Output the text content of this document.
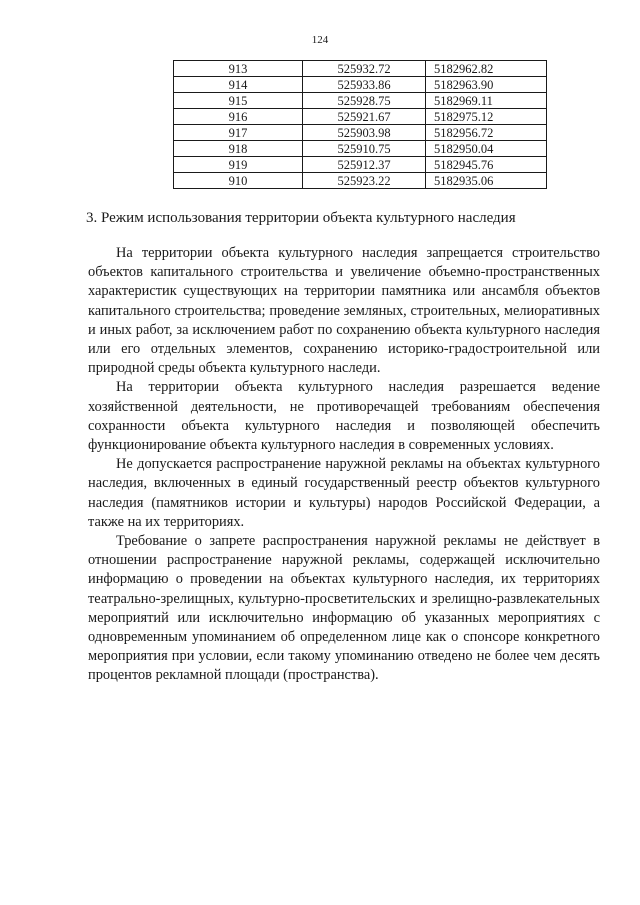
124
913	525932.72	5182962.82
914	525933.86	5182963.90
915	525928.75	5182969.11
916	525921.67	5182975.12
917	525903.98	5182956.72
918	525910.75	5182950.04
919	525912.37	5182945.76
910	525923.22	5182935.06
3. Режим использования территории объекта культурного наследия

На территории объекта культурного наследия запрещается строительство объектов капитального строительства и увеличение объемно-пространственных характеристик существующих на территории памятника или ансамбля объектов капитального строительства; проведение земляных, строительных, мелиоративных и иных работ, за исключением работ по сохранению объекта культурного наследия или его отдельных элементов, сохранению историко-градостроительной или природной среды объекта культурного наследи.

На территории объекта культурного наследия разрешается ведение хозяйственной деятельности, не противоречащей требованиям обеспечения сохранности объекта культурного наследия и позволяющей обеспечить функционирование объекта культурного наследия в современных условиях.

Не допускается распространение наружной рекламы на объектах культурного наследия, включенных в единый государственный реестр объектов культурного наследия (памятников истории и культуры) народов Российской Федерации, а также на их территориях.

Требование о запрете распространения наружной рекламы не действует в отношении распространение наружной рекламы, содержащей исключительно информацию о проведении на объектах культурного наследия, их территориях театрально-зрелищных, культурно-просветительских и зрелищно-развлекательных мероприятий или исключительно информацию об указанных мероприятиях с одновременным упоминанием об определенном лице как о спонсоре конкретного мероприятия при условии, если такому упоминанию отведено не более чем десять процентов рекламной площади (пространства).
